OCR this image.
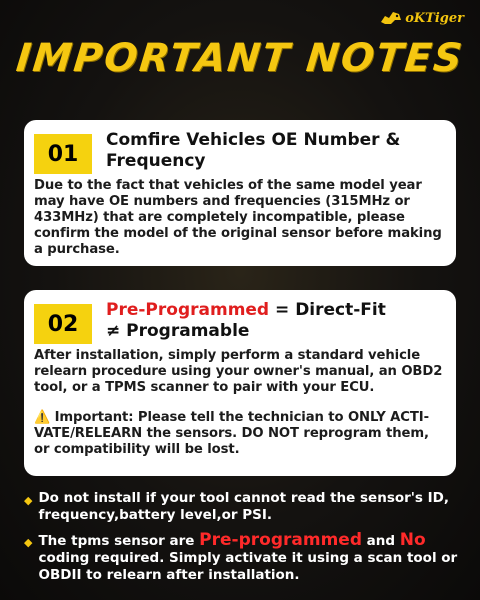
oKTiger
IMPORTANT NOTES
01
Comfire Vehicles OE Number & Frequency

Due to the fact that vehicles of the same model year may have OE numbers and frequencies (315MHz or 433MHz) that are completely incompatible, please confirm the model of the original sensor before making a purchase.

02
Pre-Programmed = Direct-Fit
≠ Programable

After installation, simply perform a standard vehicle relearn procedure using your owner's manual, an OBD2 tool, or a TPMS scanner to pair with your ECU.

⚠️ Important: Please tell the technician to ONLY ACTI-VATE/RELEARN the sensors. DO NOT reprogram them, or compatibility will be lost.

◆ Do not install if your tool cannot read the sensor's ID, frequency,battery level,or PSI.
◆ The tpms sensor are Pre-programmed and No coding required. Simply activate it using a scan tool or OBDII to relearn after installation.
